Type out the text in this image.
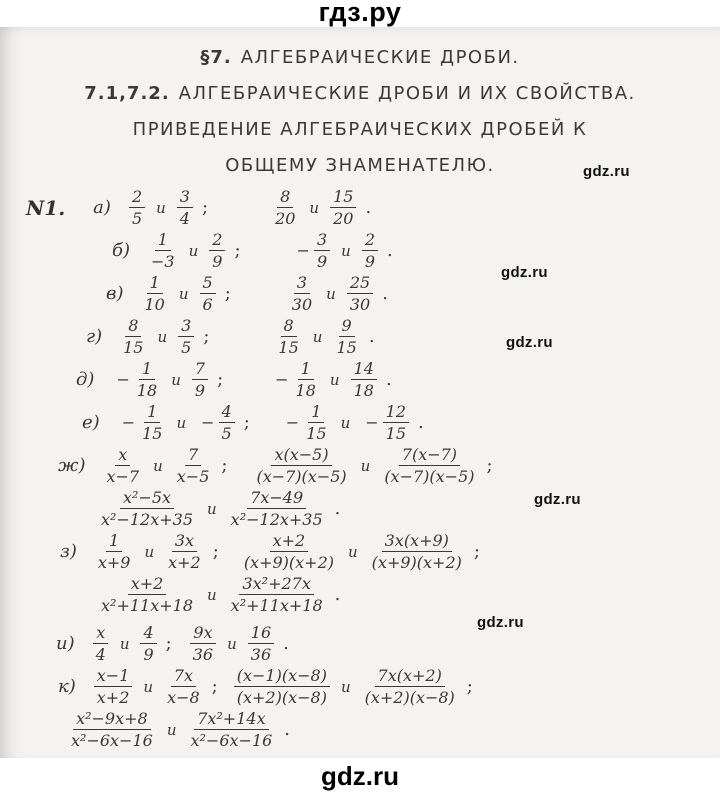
гдз.ру
§7. АЛГЕБРАИЧЕСКИЕ ДРОБИ.
7.1,7.2. АЛГЕБРАИЧЕСКИЕ ДРОБИ И ИХ СВОЙСТВА.
ПРИВЕДЕНИЕ АЛГЕБРАИЧЕСКИХ ДРОБЕЙ К
ОБЩЕМУ ЗНАМЕНАТЕЛЮ.
N1. $а) \frac{2}{5}$ и $\frac{3}{4}$ ;	$\frac{8}{20}$ и $\frac{15}{20}$ .
$б) \frac{1}{-3}$ и $\frac{2}{9}$ ;	− $\frac{3}{9}$ и $\frac{2}{9}$ .
$в) \frac{1}{10}$ и $\frac{5}{6}$ ;	$\frac{3}{30}$ и $\frac{25}{30}$ .
$г) \frac{8}{15}$ и $\frac{3}{5}$ ;	$\frac{8}{15}$ и $\frac{9}{15}$ .
$д) - \frac{1}{18}$ и $\frac{7}{9}$ ;	− $\frac{1}{18}$ и $\frac{14}{18}$ .
$е) - \frac{1}{15}$ $и - \frac{4}{5}$ ; − $\frac{1}{15}$ $и - \frac{12}{15}$ .
$ж) \frac{x}{x-7}$ и $\frac{7}{x-5}$ ; $\frac{x(x-5)}{(x-7)(x-5)}$ и $\frac{7(x-7)}{(x-7)(x-5)}$ ;
$\frac{\text{x²−5x}}{\text{x²−12x+35}}$ и $\frac{7x-49}{\text{x²−12x+35}}$ .
$з) \frac{1}{x+9}$ и $\frac{3x}{x+2}$ ; $\frac{x+2}{(x+9)(x+2)}$ и $\frac{3x(x+9)}{(x+9)(x+2)}$ ;
$\frac{x+2}{\text{x²+11x+18}}$ и $\frac{\text{3x²+27x}}{\text{x²+11x+18}}$ .
$и) \frac{x}{4}$ и $\frac{4}{9}$ ; $\frac{9x}{36}$ и $\frac{16}{36}$ .
$к) \frac{x-1}{x+2}$ и $\frac{7x}{x-8}$ ; $\frac{(x-1)(x-8)}{(x+2)(x-8)}$ и $\frac{7x(x+2)}{(x+2)(x-8)}$ ;
$\frac{\text{x²−9x+8}}{\text{x²−6x−16}}$ и $\frac{\text{7x²+14x}}{\text{x²−6x−16}}$ .
gdz.ru
gdz.ru
gdz.ru
gdz.ru
gdz.ru
gdz.ru
